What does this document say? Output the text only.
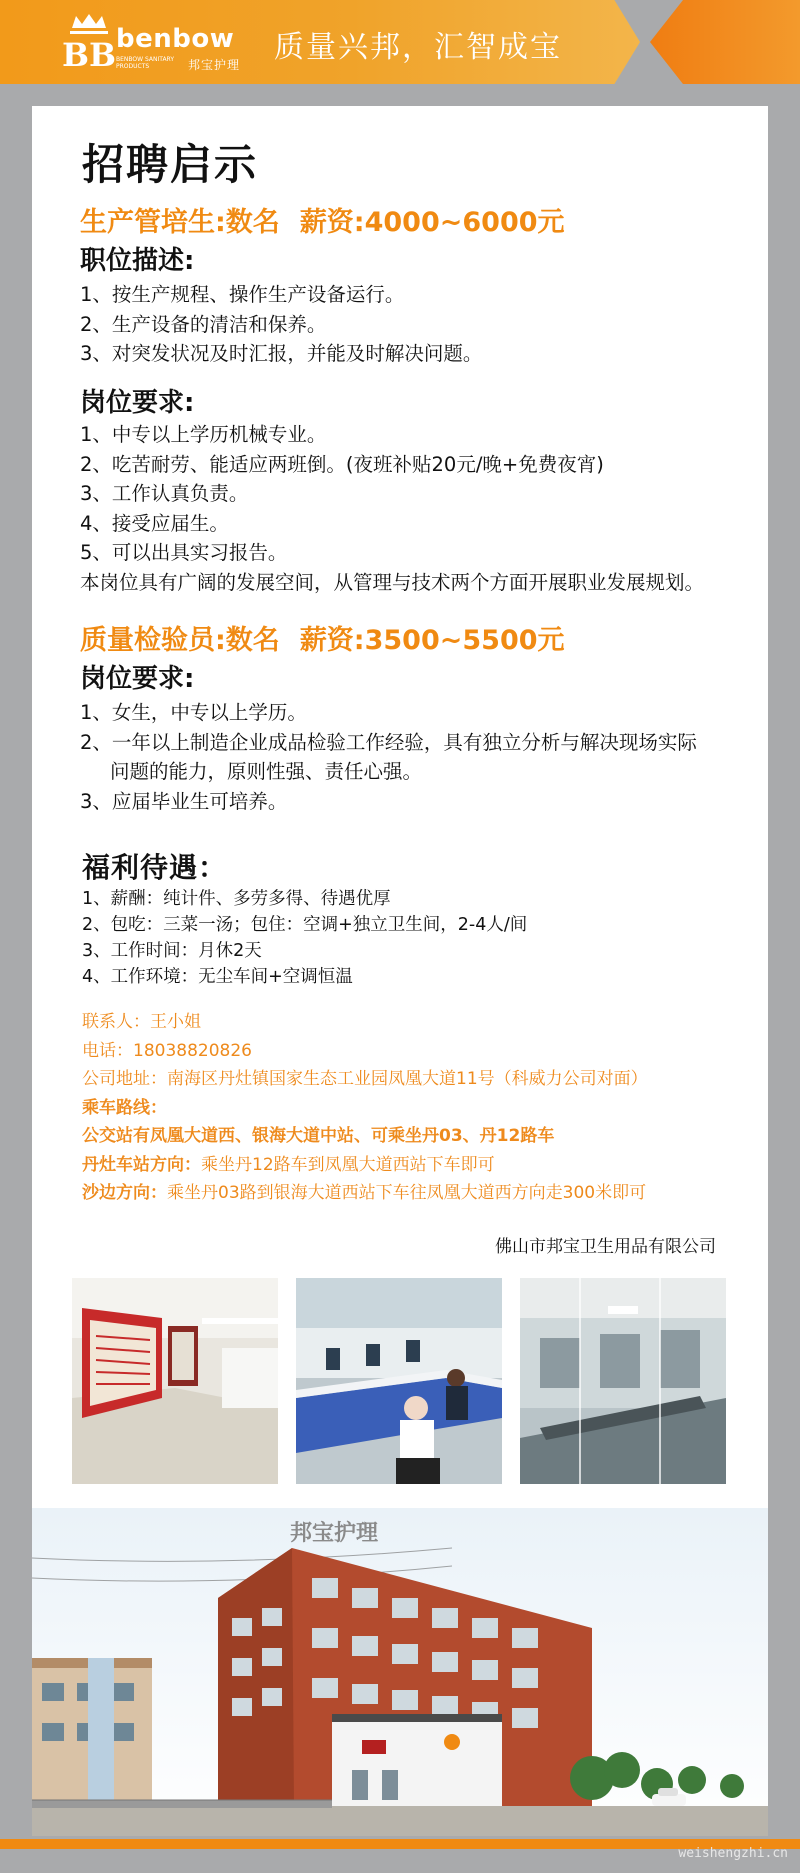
BB benbow
BENBOW SANITARY PRODUCTS	邦宝护理 质量兴邦，汇智成宝
招聘启示
生产管培生:数名 薪资:4000~6000元
职位描述:
1、按生产规程、操作生产设备运行。
2、生产设备的清洁和保养。
3、对突发状况及时汇报，并能及时解决问题。
岗位要求:
1、中专以上学历机械专业。
2、吃苦耐劳、能适应两班倒。(夜班补贴20元/晚+免费夜宵)
3、工作认真负责。
4、接受应届生。
5、可以出具实习报告。
本岗位具有广阔的发展空间，从管理与技术两个方面开展职业发展规划。
质量检验员:数名 薪资:3500~5500元
岗位要求:
1、女生，中专以上学历。
2、一年以上制造企业成品检验工作经验，具有独立分析与解决现场实际
问题的能力，原则性强、责任心强。
3、应届毕业生可培养。
福利待遇：
1、薪酬：纯计件、多劳多得、待遇优厚
2、包吃：三菜一汤；包住：空调+独立卫生间，2-4人/间
3、工作时间：月休2天
4、工作环境：无尘车间+空调恒温
联系人：王小姐
电话：18038820826
公司地址：南海区丹灶镇国家生态工业园凤凰大道11号（科威力公司对面）
乘车路线：
公交站有凤凰大道西、银海大道中站、可乘坐丹03、丹12路车
丹灶车站方向：乘坐丹12路车到凤凰大道西站下车即可
沙边方向：乘坐丹03路到银海大道西站下车往凤凰大道西方向走300米即可
佛山市邦宝卫生用品有限公司
邦宝护理
weishengzhi.cn
